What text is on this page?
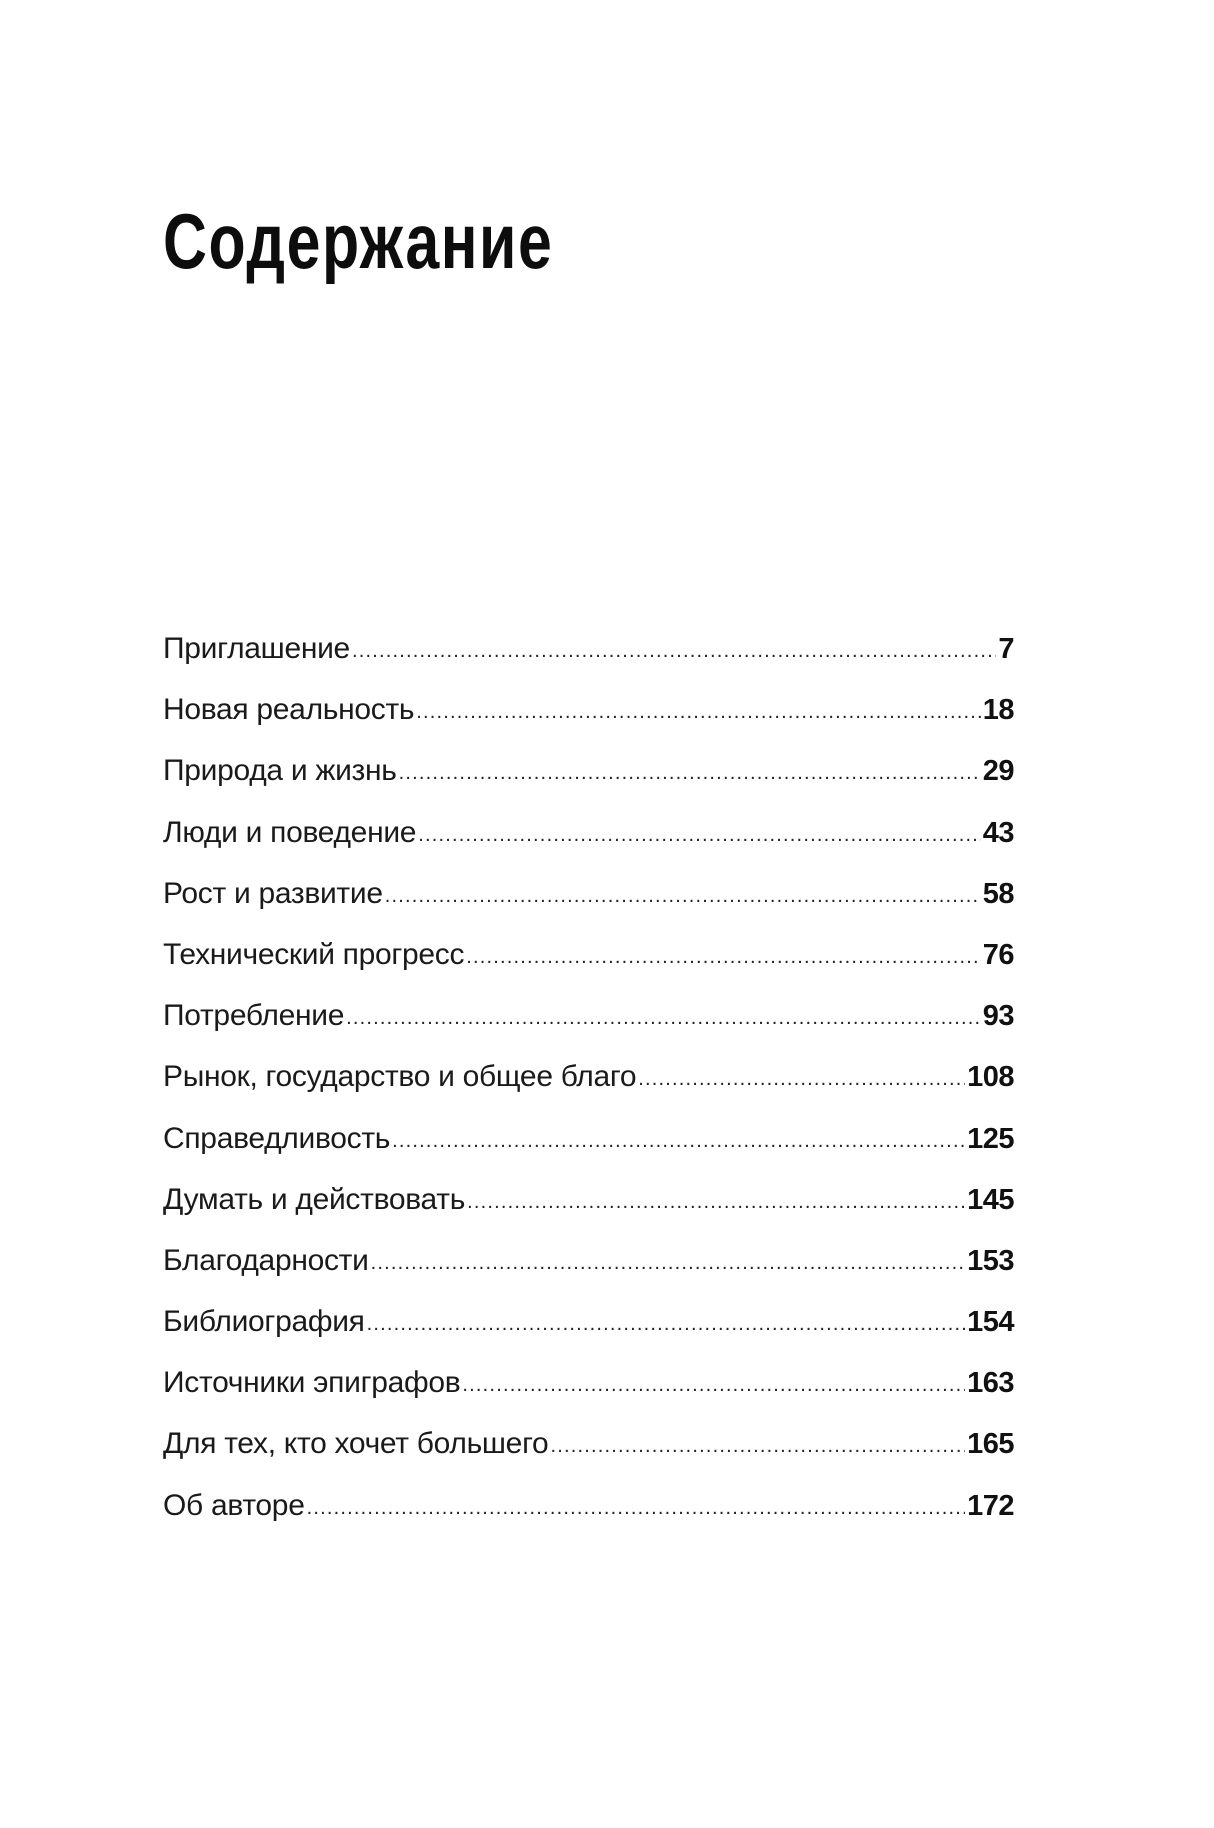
Содержание
Приглашение .....	7
Новая реальность .....	18
Природа и жизнь .....	29
Люди и поведение .....	43
Рост и развитие .....	58
Технический прогресс .....	76
Потребление .....	93
Рынок, государство и общее благо .....	108
Справедливость .....	125
Думать и действовать .....	145
Благодарности .....	153
Библиография .....	154
Источники эпиграфов .....	163
Для тех, кто хочет большего .....	165
Об авторе .....	172
